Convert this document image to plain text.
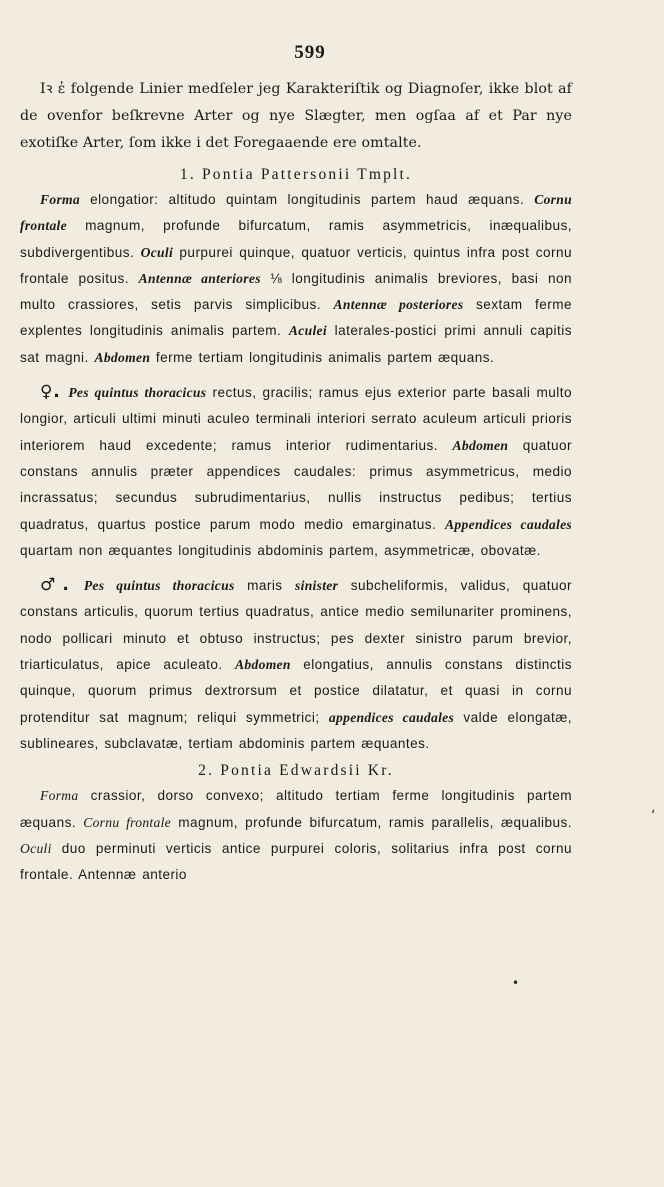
599

Iꝛ ἐ folgende Linier medſeler jeg Karakteriſtik og Diagnoſer, ikke blot af de ovenfor beſkrevne Arter og nye Slægter, men ogſaa af et Par nye exotiſke Arter, ſom ikke i det Foregaaende ere omtalte.

1. Pontia Pattersonii Tmplt.

Forma elongatior: altitudo quintam longitudinis partem haud æquans. Cornu frontale magnum, profunde bifurcatum, ramis asymmetricis, inæqualibus, subdivergentibus. Oculi purpurei quinque, quatuor verticis, quintus infra post cornu frontale positus. Antennæ anteriores ⅛ longitudinis animalis breviores, basi non multo crassiores, setis parvis simplicibus. Antennæ posteriores sextam ferme explentes longitudinis animalis partem. Aculei laterales-postici primi annuli capitis sat magni. Abdomen ferme tertiam longitudinis animalis partem æquans.

♀. Pes quintus thoracicus rectus, gracilis; ramus ejus exterior parte basali multo longior, articuli ultimi minuti aculeo terminali interiori serrato aculeum articuli prioris interiorem haud excedente; ramus interior rudimentarius. Abdomen quatuor constans annulis præter appendices caudales: primus asymmetricus, medio incrassatus; secundus subrudimentarius, nullis instructus pedibus; tertius quadratus, quartus postice parum modo medio emarginatus. Appendices caudales quartam non æquantes longitudinis abdominis partem, asymmetricæ, obovatæ.

♂. Pes quintus thoracicus maris sinister subcheliformis, validus, quatuor constans articulis, quorum tertius quadratus, antice medio semilunariter prominens, nodo pollicari minuto et obtuso instructus; pes dexter sinistro parum brevior, triarticulatus, apice aculeato. Abdomen elongatius, annulis constans distinctis quinque, quorum primus dextrorsum et postice dilatatur, et quasi in cornu protenditur sat magnum; reliqui symmetrici; appendices caudales valde elongatæ, sublineares, subclavatæ, tertiam abdominis partem æquantes.

2. Pontia Edwardsii Kr.

Forma crassior, dorso convexo; altitudo tertiam ferme longitudinis partem æquans. Cornu frontale magnum, profunde bifurcatum, ramis parallelis, æqualibus. Oculi duo perminuti verticis antice purpurei coloris, solitarius infra post cornu frontale. Antennæ anterio

‘
•
